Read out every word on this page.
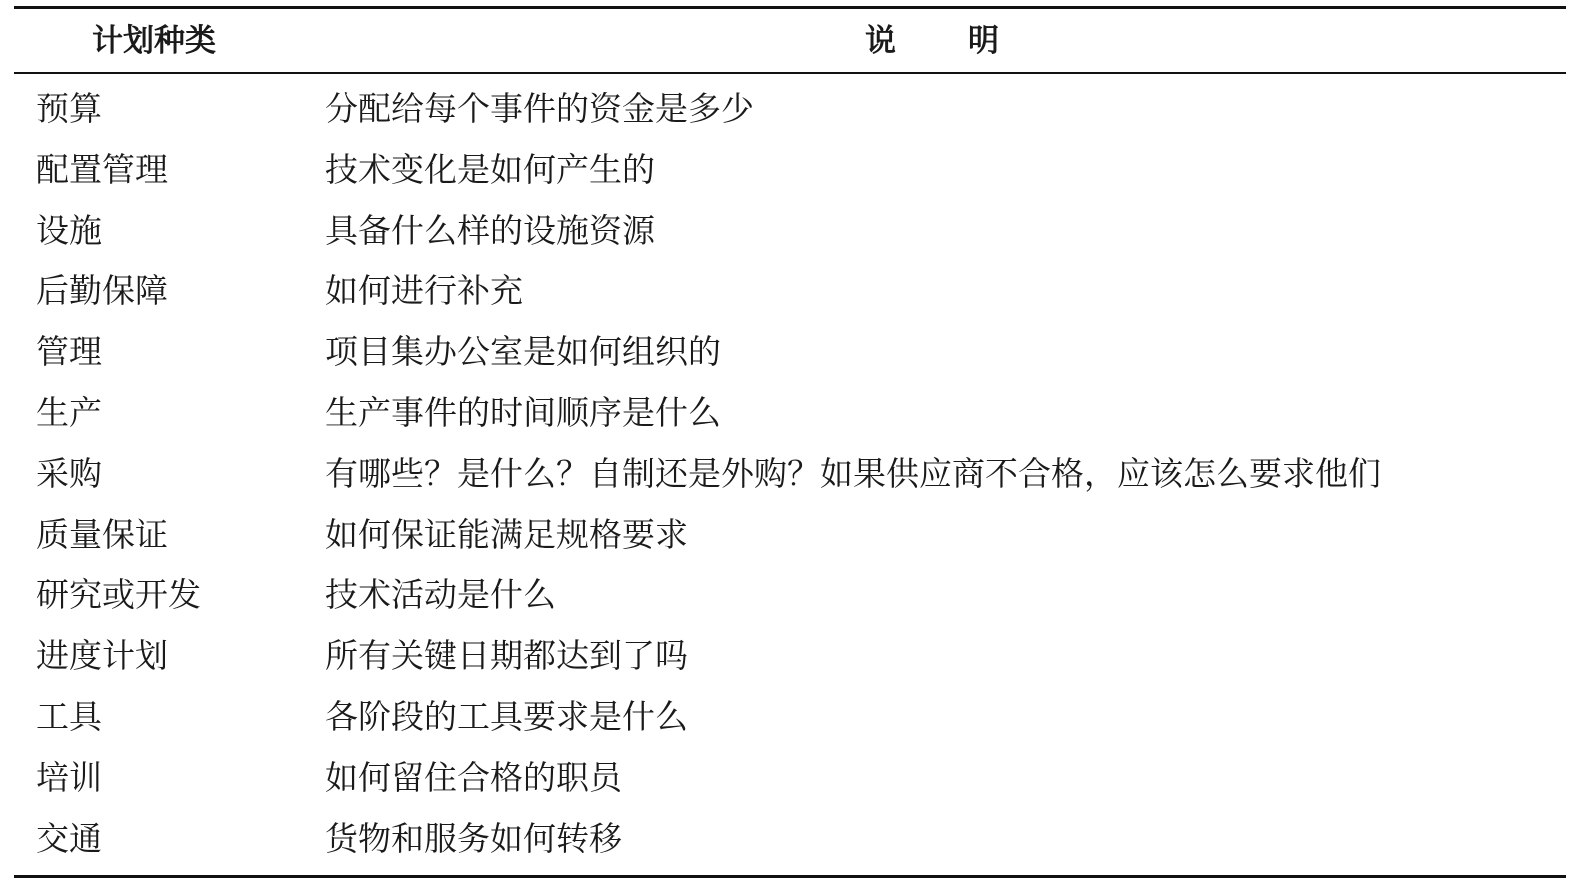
计划种类	说 明
预算	分配给每个事件的资金是多少
配置管理	技术变化是如何产生的
设施	具备什么样的设施资源
后勤保障	如何进行补充
管理	项目集办公室是如何组织的
生产	生产事件的时间顺序是什么
采购	有哪些？是什么？自制还是外购？如果供应商不合格，应该怎么要求他们
质量保证	如何保证能满足规格要求
研究或开发	技术活动是什么
进度计划	所有关键日期都达到了吗
工具	各阶段的工具要求是什么
培训	如何留住合格的职员
交通	货物和服务如何转移
